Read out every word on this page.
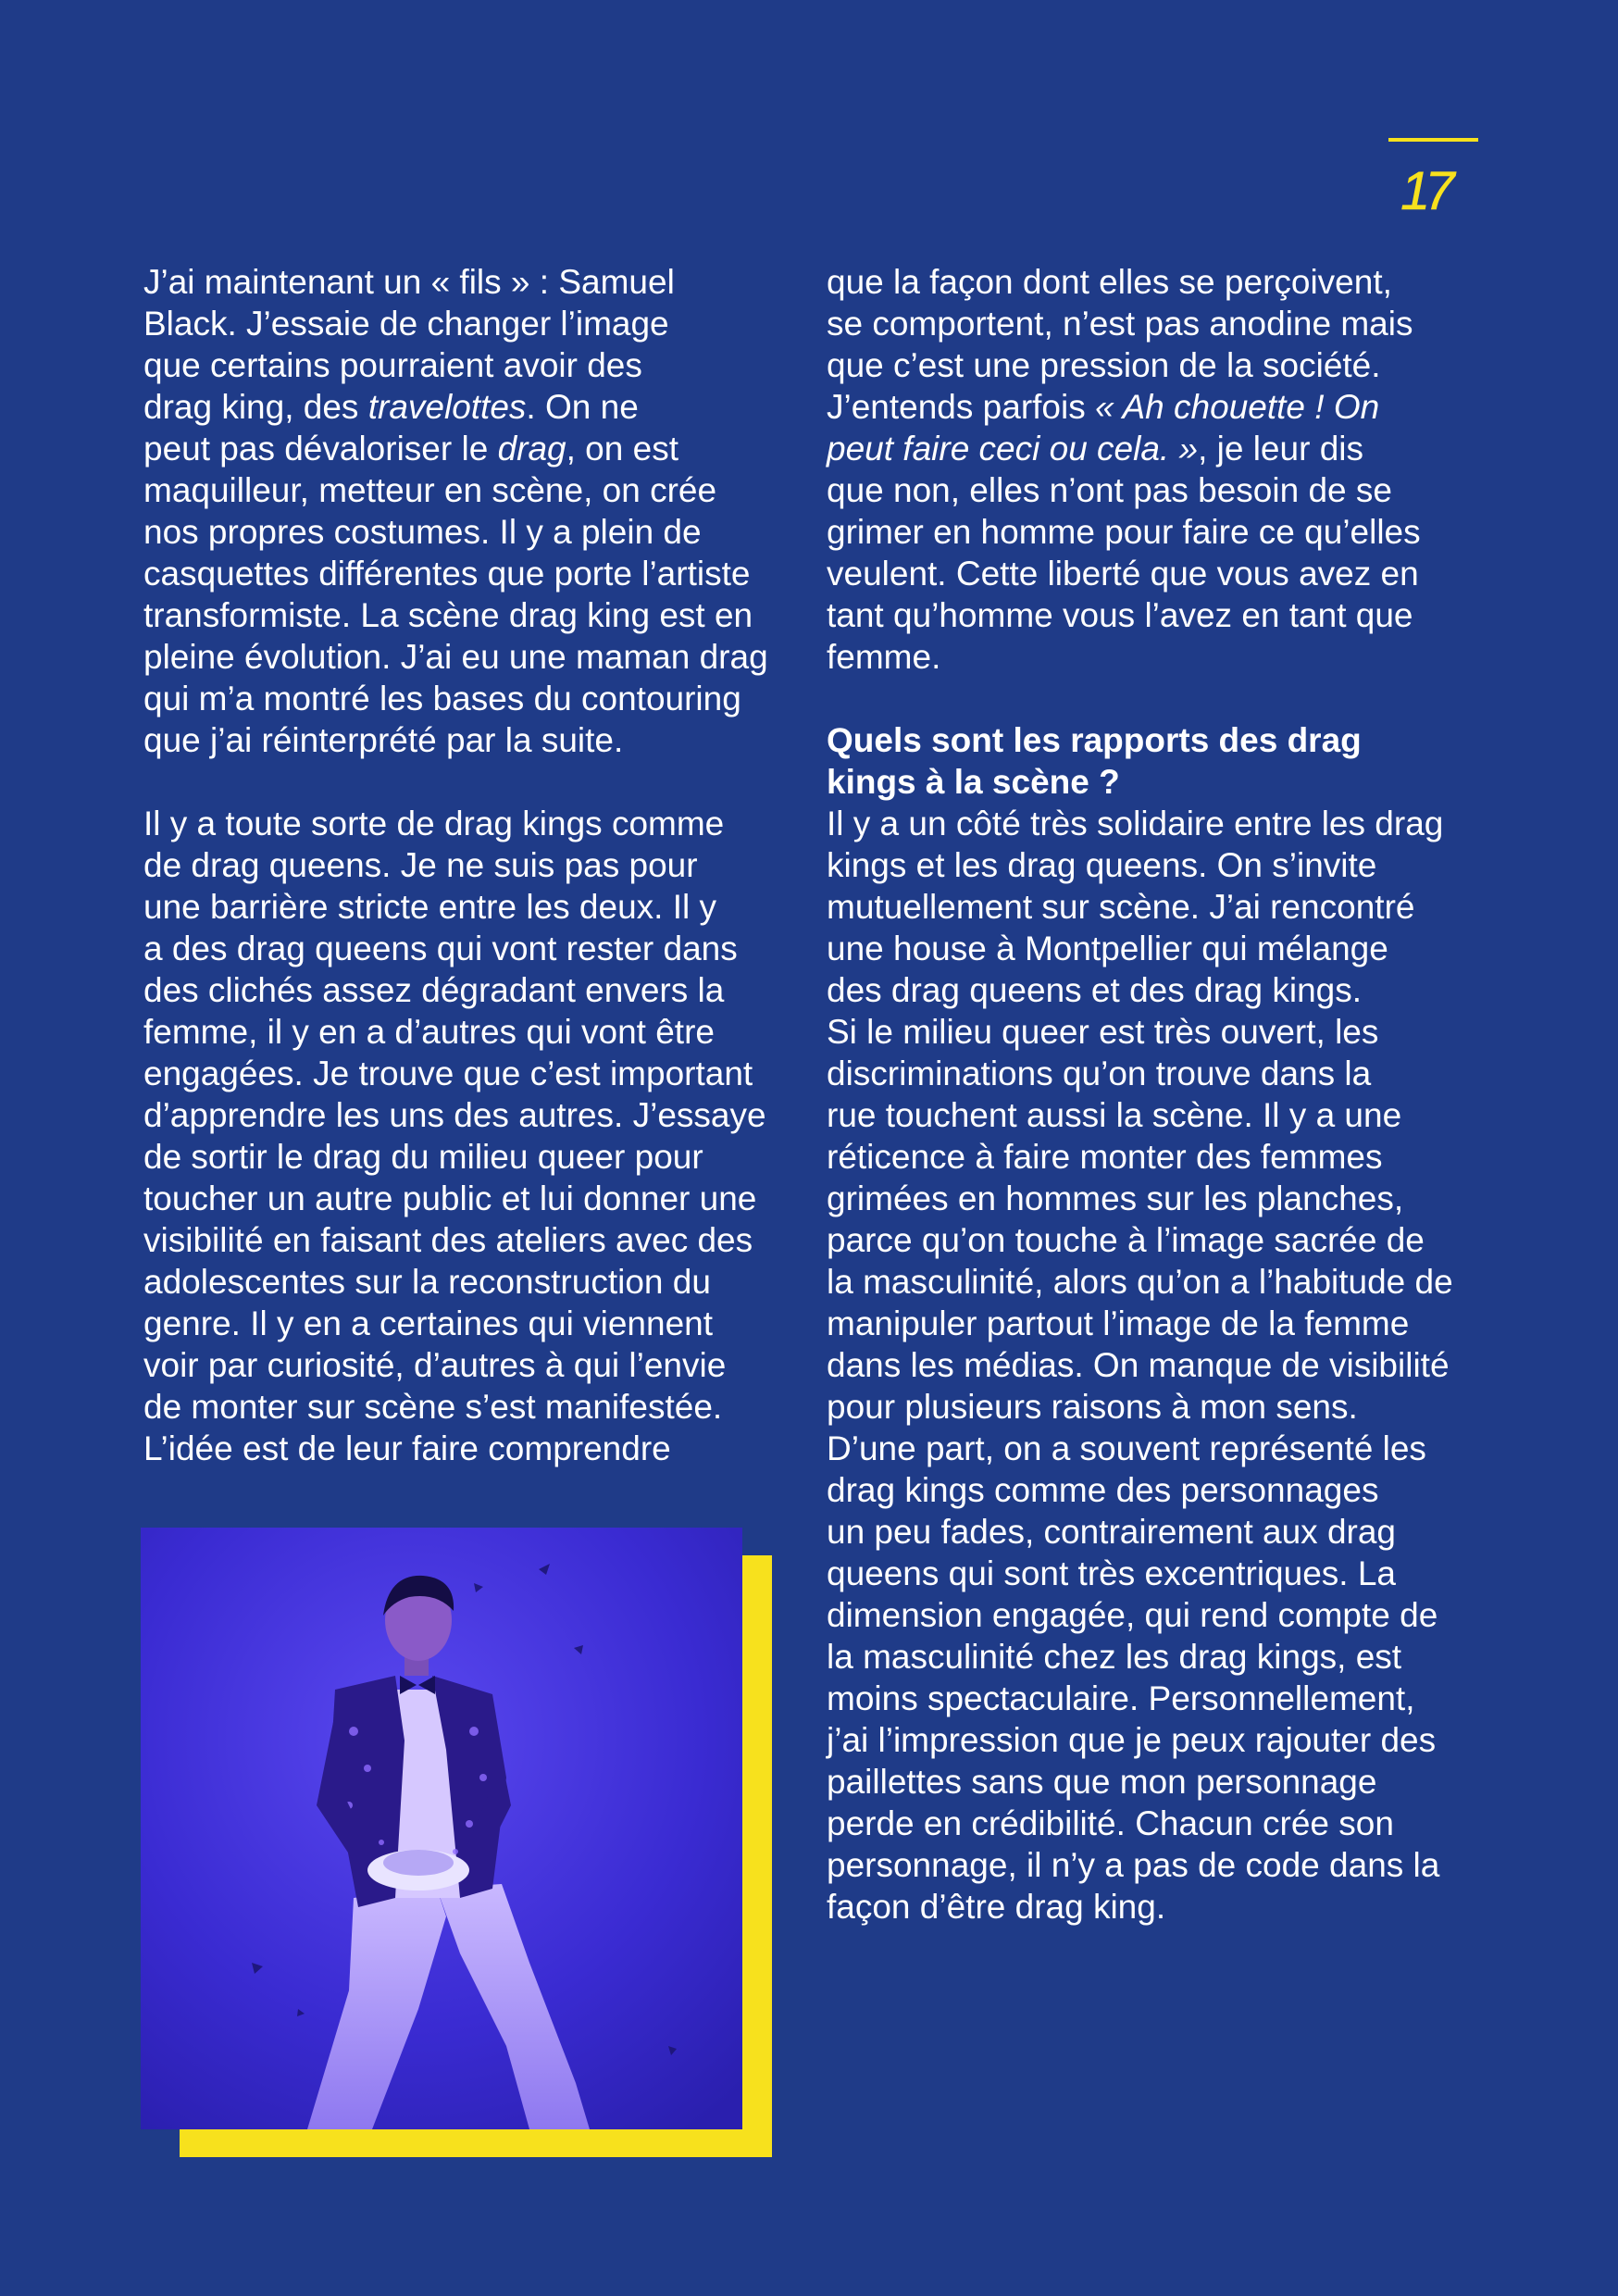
17
J’ai maintenant un « fils » : Samuel
Black. J’essaie de changer l’image
que certains pourraient avoir des
drag king, des travelottes. On ne
peut pas dévaloriser le drag, on est
maquilleur, metteur en scène, on crée
nos propres costumes. Il y a plein de
casquettes différentes que porte l’artiste
transformiste. La scène drag king est en
pleine évolution. J’ai eu une maman drag
qui m’a montré les bases du contouring
que j’ai réinterprété par la suite.
Il y a toute sorte de drag kings comme
de drag queens. Je ne suis pas pour
une barrière stricte entre les deux. Il y
a des drag queens qui vont rester dans
des clichés assez dégradant envers la
femme, il y en a d’autres qui vont être
engagées. Je trouve que c’est important
d’apprendre les uns des autres. J’essaye
de sortir le drag du milieu queer pour
toucher un autre public et lui donner une
visibilité en faisant des ateliers avec des
adolescentes sur la reconstruction du
genre. Il y en a certaines qui viennent
voir par curiosité, d’autres à qui l’envie
de monter sur scène s’est manifestée.
L’idée est de leur faire comprendre
que la façon dont elles se perçoivent,
se comportent, n’est pas anodine mais
que c’est une pression de la société.
J’entends parfois « Ah chouette ! On
peut faire ceci ou cela. », je leur dis
que non, elles n’ont pas besoin de se
grimer en homme pour faire ce qu’elles
veulent. Cette liberté que vous avez en
tant qu’homme vous l’avez en tant que
femme.
Quels sont les rapports des drag
kings à la scène ?
Il y a un côté très solidaire entre les drag
kings et les drag queens. On s’invite
mutuellement sur scène. J’ai rencontré
une house à Montpellier qui mélange
des drag queens et des drag kings.
Si le milieu queer est très ouvert, les
discriminations qu’on trouve dans la
rue touchent aussi la scène. Il y a une
réticence à faire monter des femmes
grimées en hommes sur les planches,
parce qu’on touche à l’image sacrée de
la masculinité, alors qu’on a l’habitude de
manipuler partout l’image de la femme
dans les médias. On manque de visibilité
pour plusieurs raisons à mon sens.
D’une part, on a souvent représenté les
drag kings comme des personnages
un peu fades, contrairement aux drag
queens qui sont très excentriques. La
dimension engagée, qui rend compte de
la masculinité chez les drag kings, est
moins spectaculaire. Personnellement,
j’ai l’impression que je peux rajouter des
paillettes sans que mon personnage
perde en crédibilité. Chacun crée son
personnage, il n’y a pas de code dans la
façon d’être drag king.
